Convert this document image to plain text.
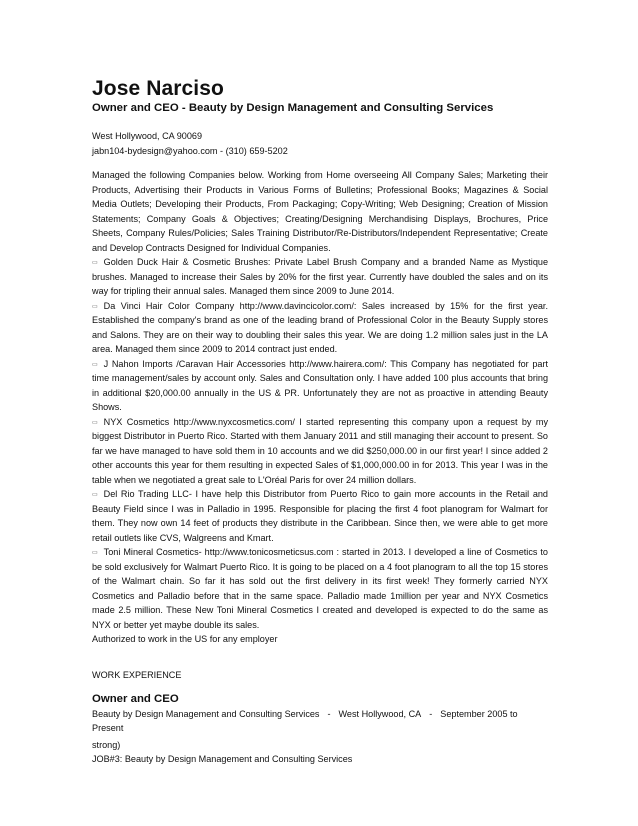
Jose Narciso

Owner and CEO - Beauty by Design Management and Consulting Services

West Hollywood, CA 90069

jabn104-bydesign@yahoo.com - (310) 659-5202

Managed the following Companies below. Working from Home overseeing All Company Sales; Marketing their Products, Advertising their Products in Various Forms of Bulletins; Professional Books; Magazines & Social Media Outlets; Developing their Products, From Packaging; Copy-Writing; Web Designing; Creation of Mission Statements; Company Goals & Objectives; Creating/Designing Merchandising Displays, Brochures, Price Sheets, Company Rules/Policies; Sales Training Distributor/Re-Distributors/Independent Representative; Create and Develop Contracts Designed for Individual Companies.

▭ Golden Duck Hair & Cosmetic Brushes: Private Label Brush Company and a branded Name as Mystique brushes. Managed to increase their Sales by 20% for the first year. Currently have doubled the sales and on its way for tripling their annual sales. Managed them since 2009 to June 2014.

▭ Da Vinci Hair Color Company http://www.davincicolor.com/: Sales increased by 15% for the first year. Established the company's brand as one of the leading brand of Professional Color in the Beauty Supply stores and Salons. They are on their way to doubling their sales this year. We are doing 1.2 million sales just in the LA area. Managed them since 2009 to 2014 contract just ended.

▭ J Nahon Imports /Caravan Hair Accessories http://www.hairera.com/: This Company has negotiated for part time management/sales by account only. Sales and Consultation only. I have added 100 plus accounts that bring in additional $20,000.00 annually in the US & PR. Unfortunately they are not as proactive in attending Beauty Shows.

▭ NYX Cosmetics http://www.nyxcosmetics.com/ I started representing this company upon a request by my biggest Distributor in Puerto Rico. Started with them January 2011 and still managing their account to present. So far we have managed to have sold them in 10 accounts and we did $250,000.00 in our first year! I since added 2 other accounts this year for them resulting in expected Sales of $1,000,000.00 in for 2013. This year I was in the table when we negotiated a great sale to L'Oréal Paris for over 24 million dollars.

▭ Del Rio Trading LLC- I have help this Distributor from Puerto Rico to gain more accounts in the Retail and Beauty Field since I was in Palladio in 1995. Responsible for placing the first 4 foot planogram for Walmart for them. They now own 14 feet of products they distribute in the Caribbean. Since then, we were able to get more retail outlets like CVS, Walgreens and Kmart.

▭ Toni Mineral Cosmetics- http://www.tonicosmeticsus.com : started in 2013. I developed a line of Cosmetics to be sold exclusively for Walmart Puerto Rico. It is going to be placed on a 4 foot planogram to all the top 15 stores of the Walmart chain. So far it has sold out the first delivery in its first week! They formerly carried NYX Cosmetics and Palladio before that in the same space. Palladio made 1million per year and NYX Cosmetics made 2.5 million. These New Toni Mineral Cosmetics I created and developed is expected to do the same as NYX or better yet maybe double its sales.

Authorized to work in the US for any employer

WORK EXPERIENCE

Owner and CEO

Beauty by Design Management and Consulting Services - West Hollywood, CA - September 2005 to Present

strong)

JOB#3: Beauty by Design Management and Consulting Services
